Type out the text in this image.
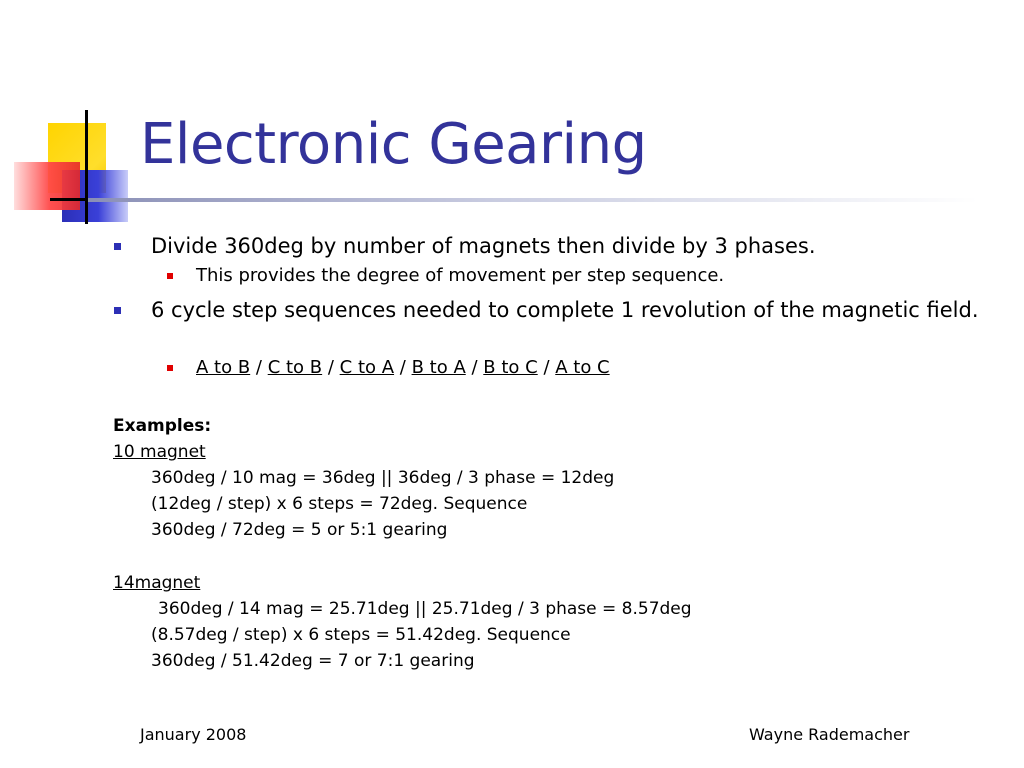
Electronic Gearing
Divide 360deg by number of magnets then divide by 3 phases.
This provides the degree of movement per step sequence.
6 cycle step sequences needed to complete 1 revolution of the magnetic field.
A to B / C to B / C to A / B to A / B to C / A to C
Examples:
10 magnet
360deg / 10 mag = 36deg || 36deg / 3 phase = 12deg
(12deg / step) x 6 steps = 72deg. Sequence
360deg / 72deg = 5 or 5:1 gearing
14magnet
360deg / 14 mag = 25.71deg || 25.71deg / 3 phase = 8.57deg
(8.57deg / step) x 6 steps = 51.42deg. Sequence
360deg / 51.42deg = 7 or 7:1 gearing
January 2008	Wayne Rademacher
